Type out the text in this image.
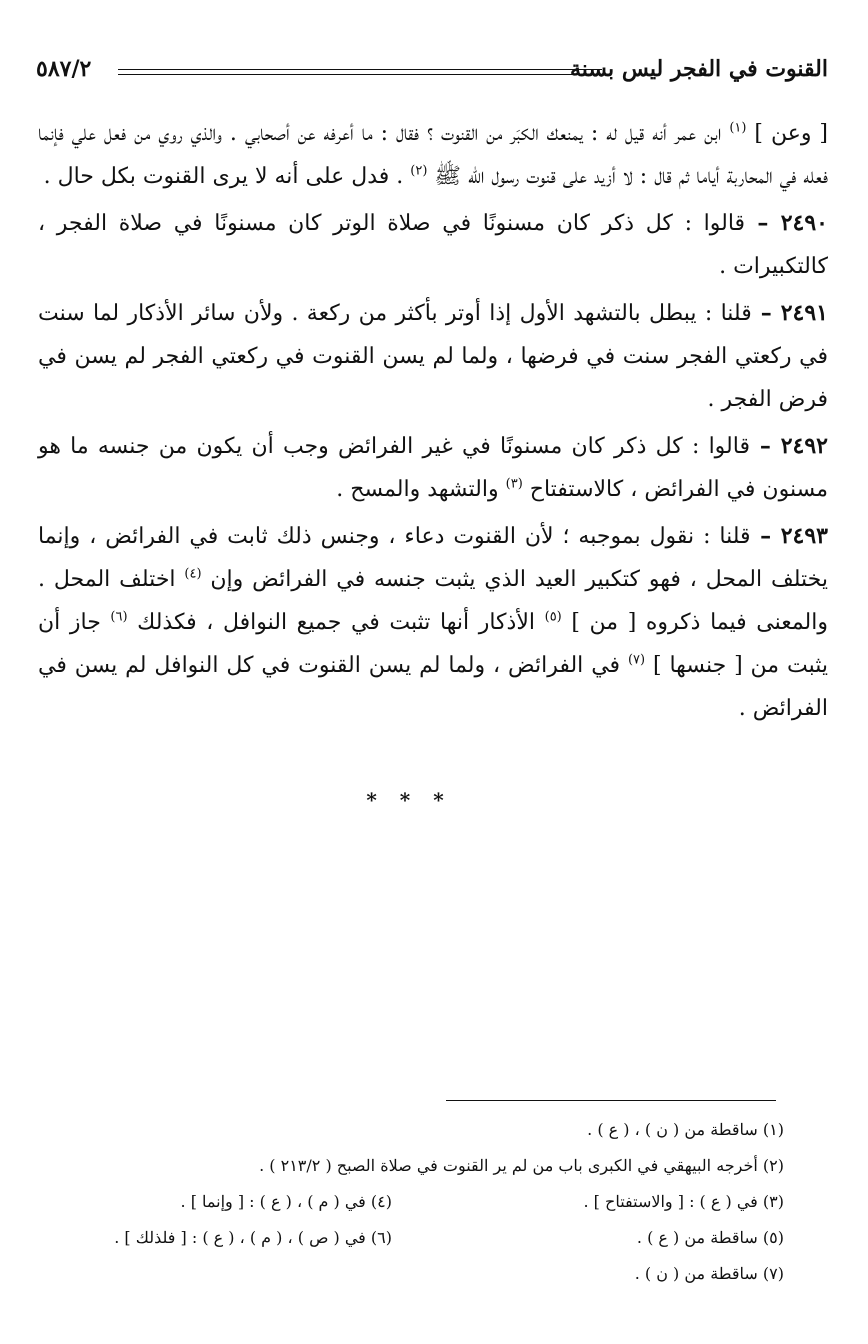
القنوت في الفجر ليس بسنة
٥٨٧/٢

[ وعن ] $^{(١)}$ ابن عمر أنه قيل له : يمنعك الكبَر من القنوت ؟ فقال : ما أعرفه عن أصحابي . والذي روي من فعل علي فإنما فعله في المحاربة أياما ثم قال : لا أزيد على قنوت رسول الله ﷺ $^{(٢)}$ . فدل على أنه لا يرى القنوت بكل حال .

٢٤٩٠ – قالوا : كل ذكر كان مسنونًا في صلاة الوتر كان مسنونًا في صلاة الفجر ، كالتكبيرات .

٢٤٩١ – قلنا : يبطل بالتشهد الأول إذا أوتر بأكثر من ركعة . ولأن سائر الأذكار لما سنت في ركعتي الفجر سنت في فرضها ، ولما لم يسن القنوت في ركعتي الفجر لم يسن في فرض الفجر .

٢٤٩٢ – قالوا : كل ذكر كان مسنونًا في غير الفرائض وجب أن يكون من جنسه ما هو مسنون في الفرائض ، كالاستفتاح $^{(٣)}$ والتشهد والمسح .

٢٤٩٣ – قلنا : نقول بموجبه ؛ لأن القنوت دعاء ، وجنس ذلك ثابت في الفرائض ، وإنما يختلف المحل ، فهو كتكبير العيد الذي يثبت جنسه في الفرائض وإن $^{(٤)}$ اختلف المحل . والمعنى فيما ذكروه [ من ] $^{(٥)}$ الأذكار أنها تثبت في جميع النوافل ، فكذلك $^{(٦)}$ جاز أن يثبت من [ جنسها ] $^{(٧)}$ في الفرائض ، ولما لم يسن القنوت في كل النوافل لم يسن في الفرائض .

* * *
(١) ساقطة من ( ن ) ، ( ع ) .
(٢) أخرجه البيهقي في الكبرى باب من لم ير القنوت في صلاة الصبح ( ٢١٣/٢ ) .
(٣) في ( ع ) : [ والاستفتاح ] .
(٤) في ( م ) ، ( ع ) : [ وإنما ] .
(٥) ساقطة من ( ع ) .
(٦) في ( ص ) ، ( م ) ، ( ع ) : [ فلذلك ] .
(٧) ساقطة من ( ن ) .
